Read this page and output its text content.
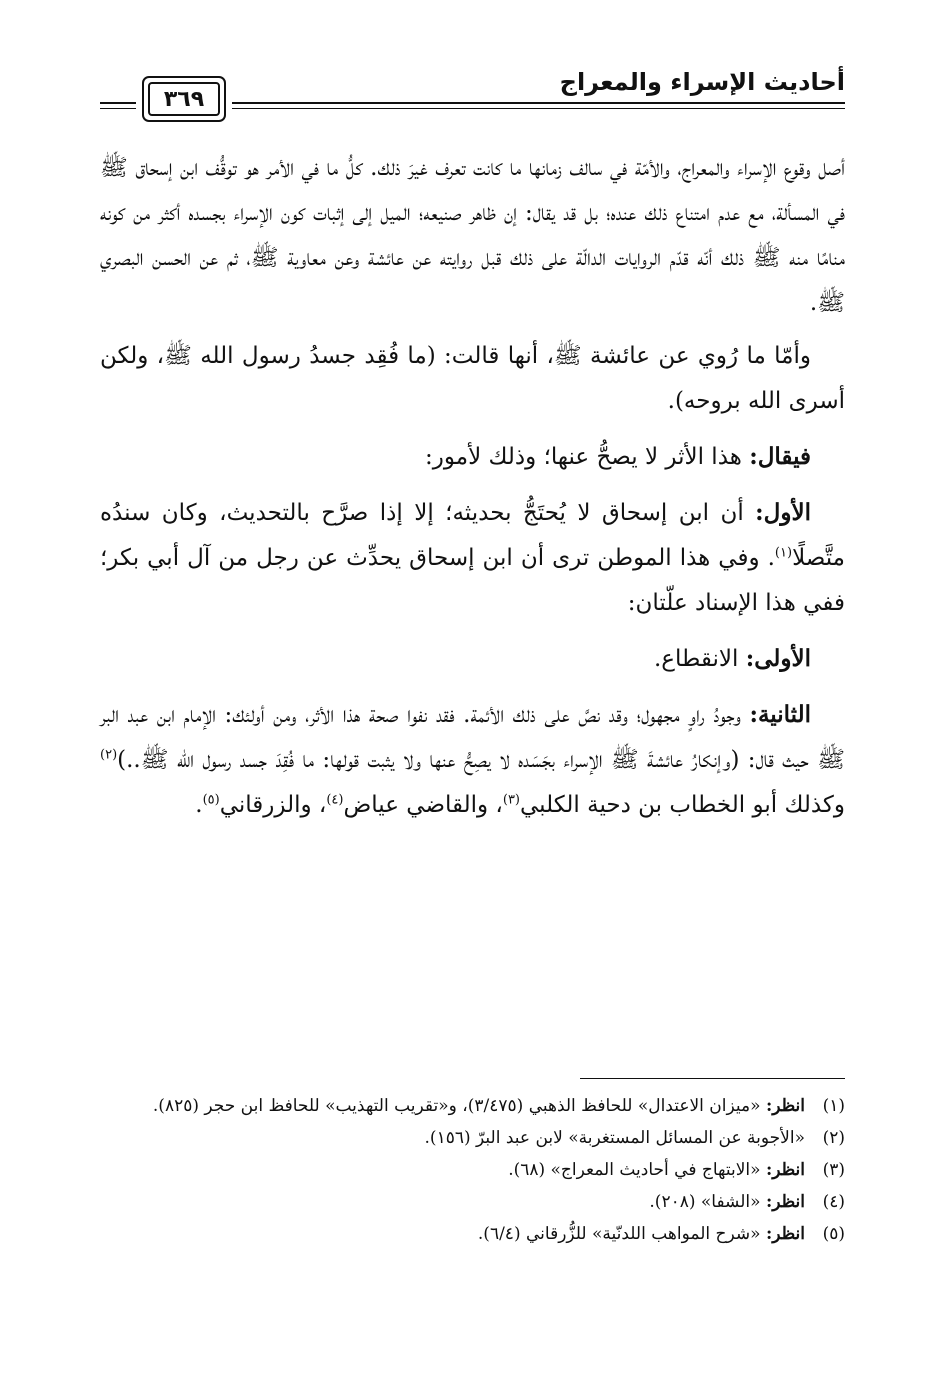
أحاديث الإسراء والمعراج
٣٦٩

أصل وقوع الإسراء والمعراج، والأمّة في سالف زمانها ما كانت تعرف غيرَ ذلك. كلُّ ما في الأمر هو توقُّف ابن إسحاق ﷺ في المسألة، مع عدم امتناع ذلك عنده؛ بل قد يقال: إن ظاهر صنيعه؛ الميل إلى إثبات كون الإسراء بجسده أكثر من كونه منامًا منه ﷺ ذلك أنّه قدّم الروايات الدالّة على ذلك قبل روايته عن عائشة وعن معاوية ﷺ، ثم عن الحسن البصري ﷺ.

وأمّا ما رُوي عن عائشة ﷺ، أنها قالت: (ما فُقِد جسدُ رسول الله ﷺ، ولكن أسرى الله بروحه).

فيقال: هذا الأثر لا يصحُّ عنها؛ وذلك لأمور:

الأول: أن ابن إسحاق لا يُحتَجُّ بحديثه؛ إلا إذا صرَّح بالتحديث، وكان سندُه متَّصلًا$^{(١)}$. وفي هذا الموطن ترى أن ابن إسحاق يحدِّث عن رجل من آل أبي بكر؛ ففي هذا الإسناد علّتان:

الأولى: الانقطاع.

الثانية: وجودُ راوٍ مجهول؛ وقد نصَّ على ذلك الأئمة. فقد نفوا صحة هذا الأثر، ومن أولئك: الإمام ابن عبد البر ﷺ حيث قال: (وإنكارُ عائشةَ ﷺ الإسراء بجَسَده لا يصِحُّ عنها ولا يثبت قولها: ما فُقِدَ جسد رسول الله ﷺ..)$^{(٢)}$ وكذلك أبو الخطاب بن دحية الكلبي$^{(٣)}$، والقاضي عياض$^{(٤)}$، والزرقاني$^{(٥)}$.

(١)
انظر: «ميزان الاعتدال» للحافظ الذهبي (٣/٤٧٥)، و«تقريب التهذيب» للحافظ ابن حجر (٨٢٥).
(٢)
«الأجوبة عن المسائل المستغربة» لابن عبد البرّ (١٥٦).
(٣)
انظر: «الابتهاج في أحاديث المعراج» (٦٨).
(٤)
انظر: «الشفا» (٢٠٨).
(٥)
انظر: «شرح المواهب اللدنّية» للزُّرقاني (٦/٤).
